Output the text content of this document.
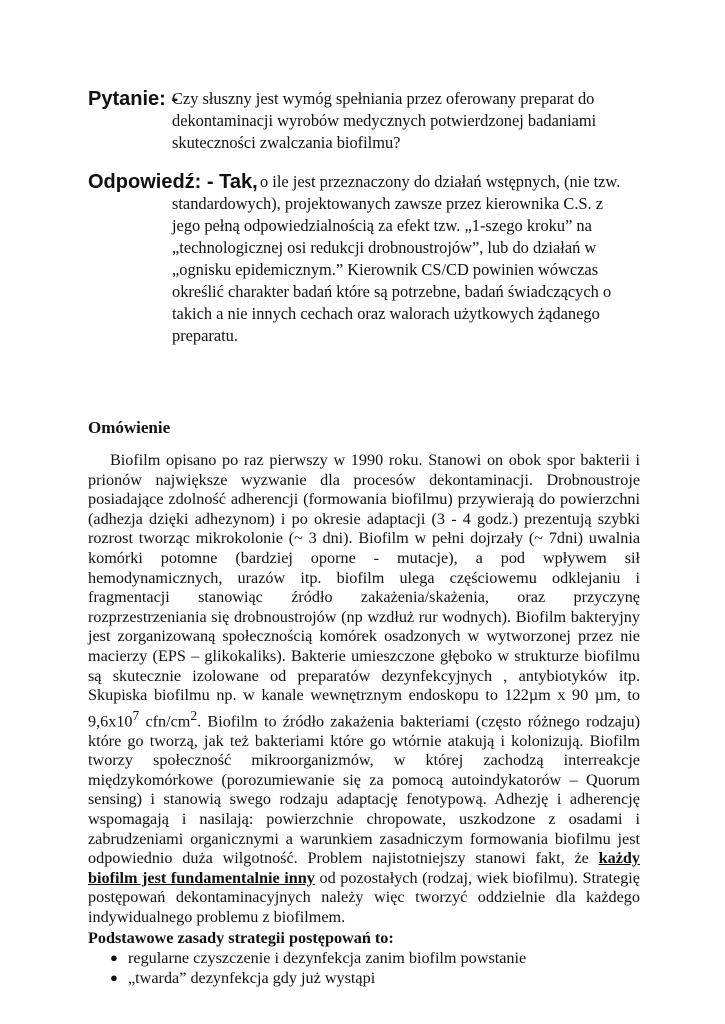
Pytanie: -
Czy słuszny jest wymóg spełniania przez oferowany preparat do
dekontaminacji wyrobów medycznych potwierdzonej badaniami
skuteczności zwalczania biofilmu?
Odpowiedź: - Tak, o ile jest przeznaczony do działań wstępnych, (nie tzw.
standardowych), projektowanych zawsze przez kierownika C.S. z
jego pełną odpowiedzialnością za efekt tzw. „1-szego kroku” na
„technologicznej osi redukcji drobnoustrojów”, lub do działań w
„ognisku epidemicznym.” Kierownik CS/CD powinien wówczas
określić charakter badań które są potrzebne, badań świadczących o
takich a nie innych cechach oraz walorach użytkowych żądanego
preparatu.
Omówienie

Biofilm opisano po raz pierwszy w 1990 roku. Stanowi on obok spor bakterii i prionów największe wyzwanie dla procesów dekontaminacji. Drobnoustroje posiadające zdolność adherencji (formowania biofilmu) przywierają do powierzchni (adhezja dzięki adhezynom) i po okresie adaptacji (3 - 4 godz.) prezentują szybki rozrost tworząc mikrokolonie (~ 3 dni). Biofilm w pełni dojrzały (~ 7dni) uwalnia komórki potomne (bardziej oporne - mutacje), a pod wpływem sił hemodynamicznych, urazów itp. biofilm ulega częściowemu odklejaniu i fragmentacji stanowiąc źródło zakażenia/skażenia, oraz przyczynę rozprzestrzeniania się drobnoustrojów (np wzdłuż rur wodnych). Biofilm bakteryjny jest zorganizowaną społecznością komórek osadzonych w wytworzonej przez nie macierzy (EPS – glikokaliks). Bakterie umieszczone głęboko w strukturze biofilmu są skutecznie izolowane od preparatów dezynfekcyjnych , antybiotyków itp. Skupiska biofilmu np. w kanale wewnętrznym endoskopu to 122µm x 90 µm, to $9,6x10^7$ cfn/$cm^2$. Biofilm to źródło zakażenia bakteriami (często różnego rodzaju) które go tworzą, jak też bakteriami które go wtórnie atakują i kolonizują. Biofilm tworzy społeczność mikroorganizmów, w której zachodzą interreakcje międzykomórkowe (porozumiewanie się za pomocą autoindykatorów – Quorum sensing) i stanowią swego rodzaju adaptację fenotypową. Adhezję i adherencję wspomagają i nasilają: powierzchnie chropowate, uszkodzone z osadami i zabrudzeniami organicznymi a warunkiem zasadniczym formowania biofilmu jest odpowiednio duża wilgotność. Problem najistotniejszy stanowi fakt, że każdy biofilm jest fundamentalnie inny od pozostałych (rodzaj, wiek biofilmu). Strategię postępowań dekontaminacyjnych należy więc tworzyć oddzielnie dla każdego indywidualnego problemu z biofilmem.

Podstawowe zasady strategii postępowań to:
● regularne czyszczenie i dezynfekcja zanim biofilm powstanie
● „twarda” dezynfekcja gdy już wystąpi
